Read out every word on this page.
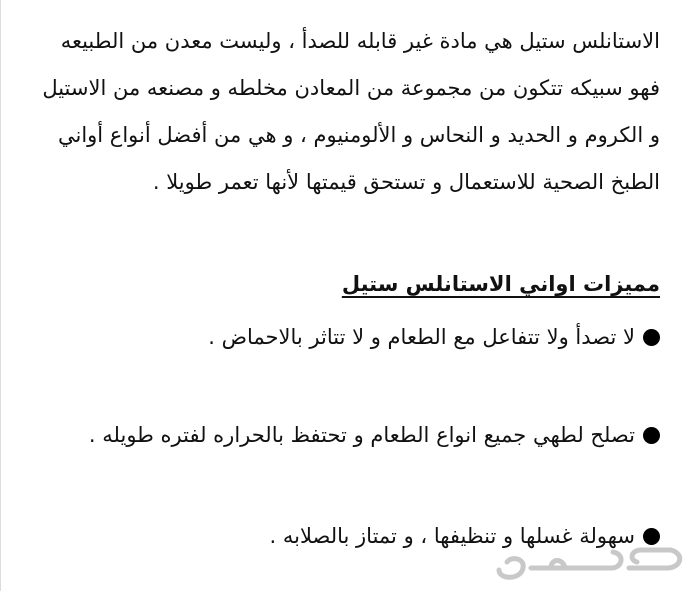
الاستانلس ستيل هي مادة غير قابله للصدأ ، وليست معدن من الطبيعه
فهو سبيكه تتكون من مجموعة من المعادن مخلطه و مصنعه من الاستيل
و الكروم و الحديد و النحاس و الألومنيوم ، و هي من أفضل أنواع أواني
الطبخ الصحية للاستعمال و تستحق قيمتها لأنها تعمر طويلا .

مميزات اواني الاستانلس ستيل

لا تصدأ ولا تتفاعل مع الطعام و لا تتاثر بالاحماض .

تصلح لطهي جميع انواع الطعام و تحتفظ بالحراره لفتره طويله .

سهولة غسلها و تنظيفها ، و تمتاز بالصلابه .
